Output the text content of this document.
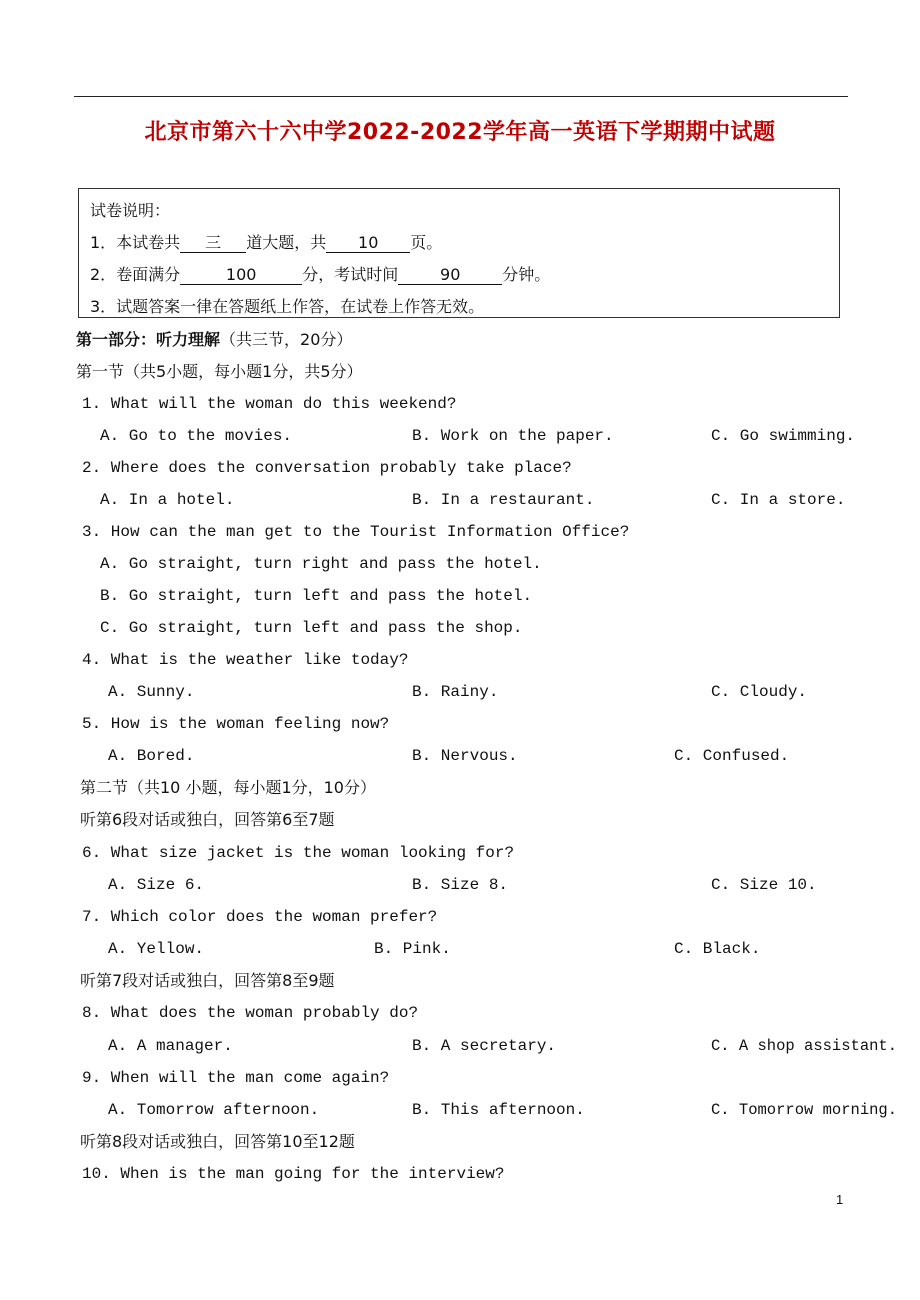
北京市第六十六中学2022-2022学年高一英语下学期期中试题
试卷说明：
1．本试卷共 三 道大题，共 10 页。
2．卷面满分	100	分，考试时间	90	分钟。
3．试题答案一律在答题纸上作答，在试卷上作答无效。
第一部分：听力理解（共三节，20分）
第一节（共5小题，每小题1分，共5分）
1. What will the woman do this weekend?
A. Go to the movies.	B. Work on the paper.	C. Go swimming.
2. Where does the conversation probably take place?
A. In a hotel.	B. In a restaurant.	C. In a store.
3. How can the man get to the Tourist Information Office?
A. Go straight, turn right and pass the hotel.
B. Go straight, turn left and pass the hotel.
C. Go straight, turn left and pass the shop.
4. What is the weather like today?
A. Sunny.	B. Rainy.	C. Cloudy.
5. How is the woman feeling now?
A. Bored.	B. Nervous.	C. Confused.
第二节（共10 小题，每小题1分，10分）
听第6段对话或独白，回答第6至7题
6. What size jacket is the woman looking for?
A. Size 6.	B. Size 8.	C. Size 10.
7. Which color does the woman prefer?
A. Yellow.	B. Pink.	C. Black.
听第7段对话或独白，回答第8至9题
8. What does the woman probably do?
A. A manager.	B. A secretary.	C. A shop assistant.
9. When will the man come again?
A. Tomorrow afternoon.	B. This afternoon.	C. Tomorrow morning.
听第8段对话或独白，回答第10至12题
10. When is the man going for the interview?
1
